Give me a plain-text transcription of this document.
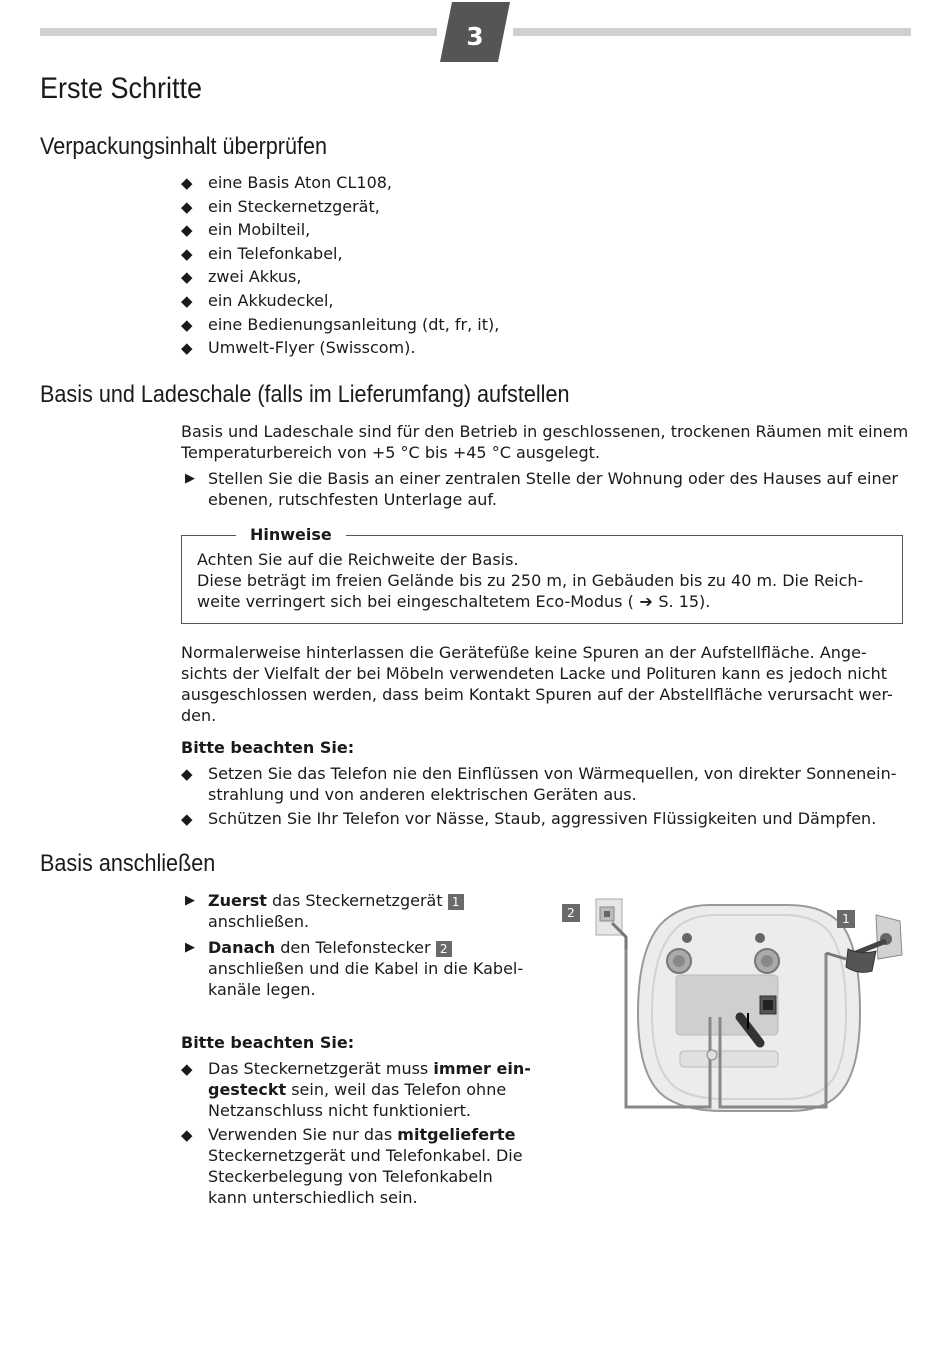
3
Erste Schritte
Verpackungsinhalt überprüfen
◆ eine Basis Aton CL108,
◆ ein Steckernetzgerät,
◆ ein Mobilteil,
◆ ein Telefonkabel,
◆ zwei Akkus,
◆ ein Akkudeckel,
◆ eine Bedienungsanleitung (dt, fr, it),
◆ Umwelt-Flyer (Swisscom).
Basis und Ladeschale (falls im Lieferumfang) aufstellen
Basis und Ladeschale sind für den Betrieb in geschlossenen, trockenen Räumen mit einem Temperaturbereich von +5 °C bis +45 °C ausgelegt.
▶ Stellen Sie die Basis an einer zentralen Stelle der Wohnung oder des Hauses auf einer ebenen, rutschfesten Unterlage auf.
Hinweise
Achten Sie auf die Reichweite der Basis.
Diese beträgt im freien Gelände bis zu 250 m, in Gebäuden bis zu 40 m. Die Reich-weite verringert sich bei eingeschaltetem Eco-Modus ( ➔ S. 15).
Normalerweise hinterlassen die Gerätefüße keine Spuren an der Aufstellfläche. Ange-sichts der Vielfalt der bei Möbeln verwendeten Lacke und Polituren kann es jedoch nicht ausgeschlossen werden, dass beim Kontakt Spuren auf der Abstellfläche verursacht wer-den.
Bitte beachten Sie:
◆ Setzen Sie das Telefon nie den Einflüssen von Wärmequellen, von direkter Sonnenein-strahlung und von anderen elektrischen Geräten aus.
◆ Schützen Sie Ihr Telefon vor Nässe, Staub, aggressiven Flüssigkeiten und Dämpfen.
Basis anschließen
▶ Zuerst das Steckernetzgerät 1
anschließen.
▶ Danach den Telefonstecker 2
anschließen und die Kabel in die Kabel-kanäle legen.
Bitte beachten Sie:
◆ Das Steckernetzgerät muss immer ein-gesteckt sein, weil das Telefon ohne Netzanschluss nicht funktioniert.
◆ Verwenden Sie nur das mitgelieferte Steckernetzgerät und Telefonkabel. Die Steckerbelegung von Telefonkabeln kann unterschiedlich sein.
2	1
